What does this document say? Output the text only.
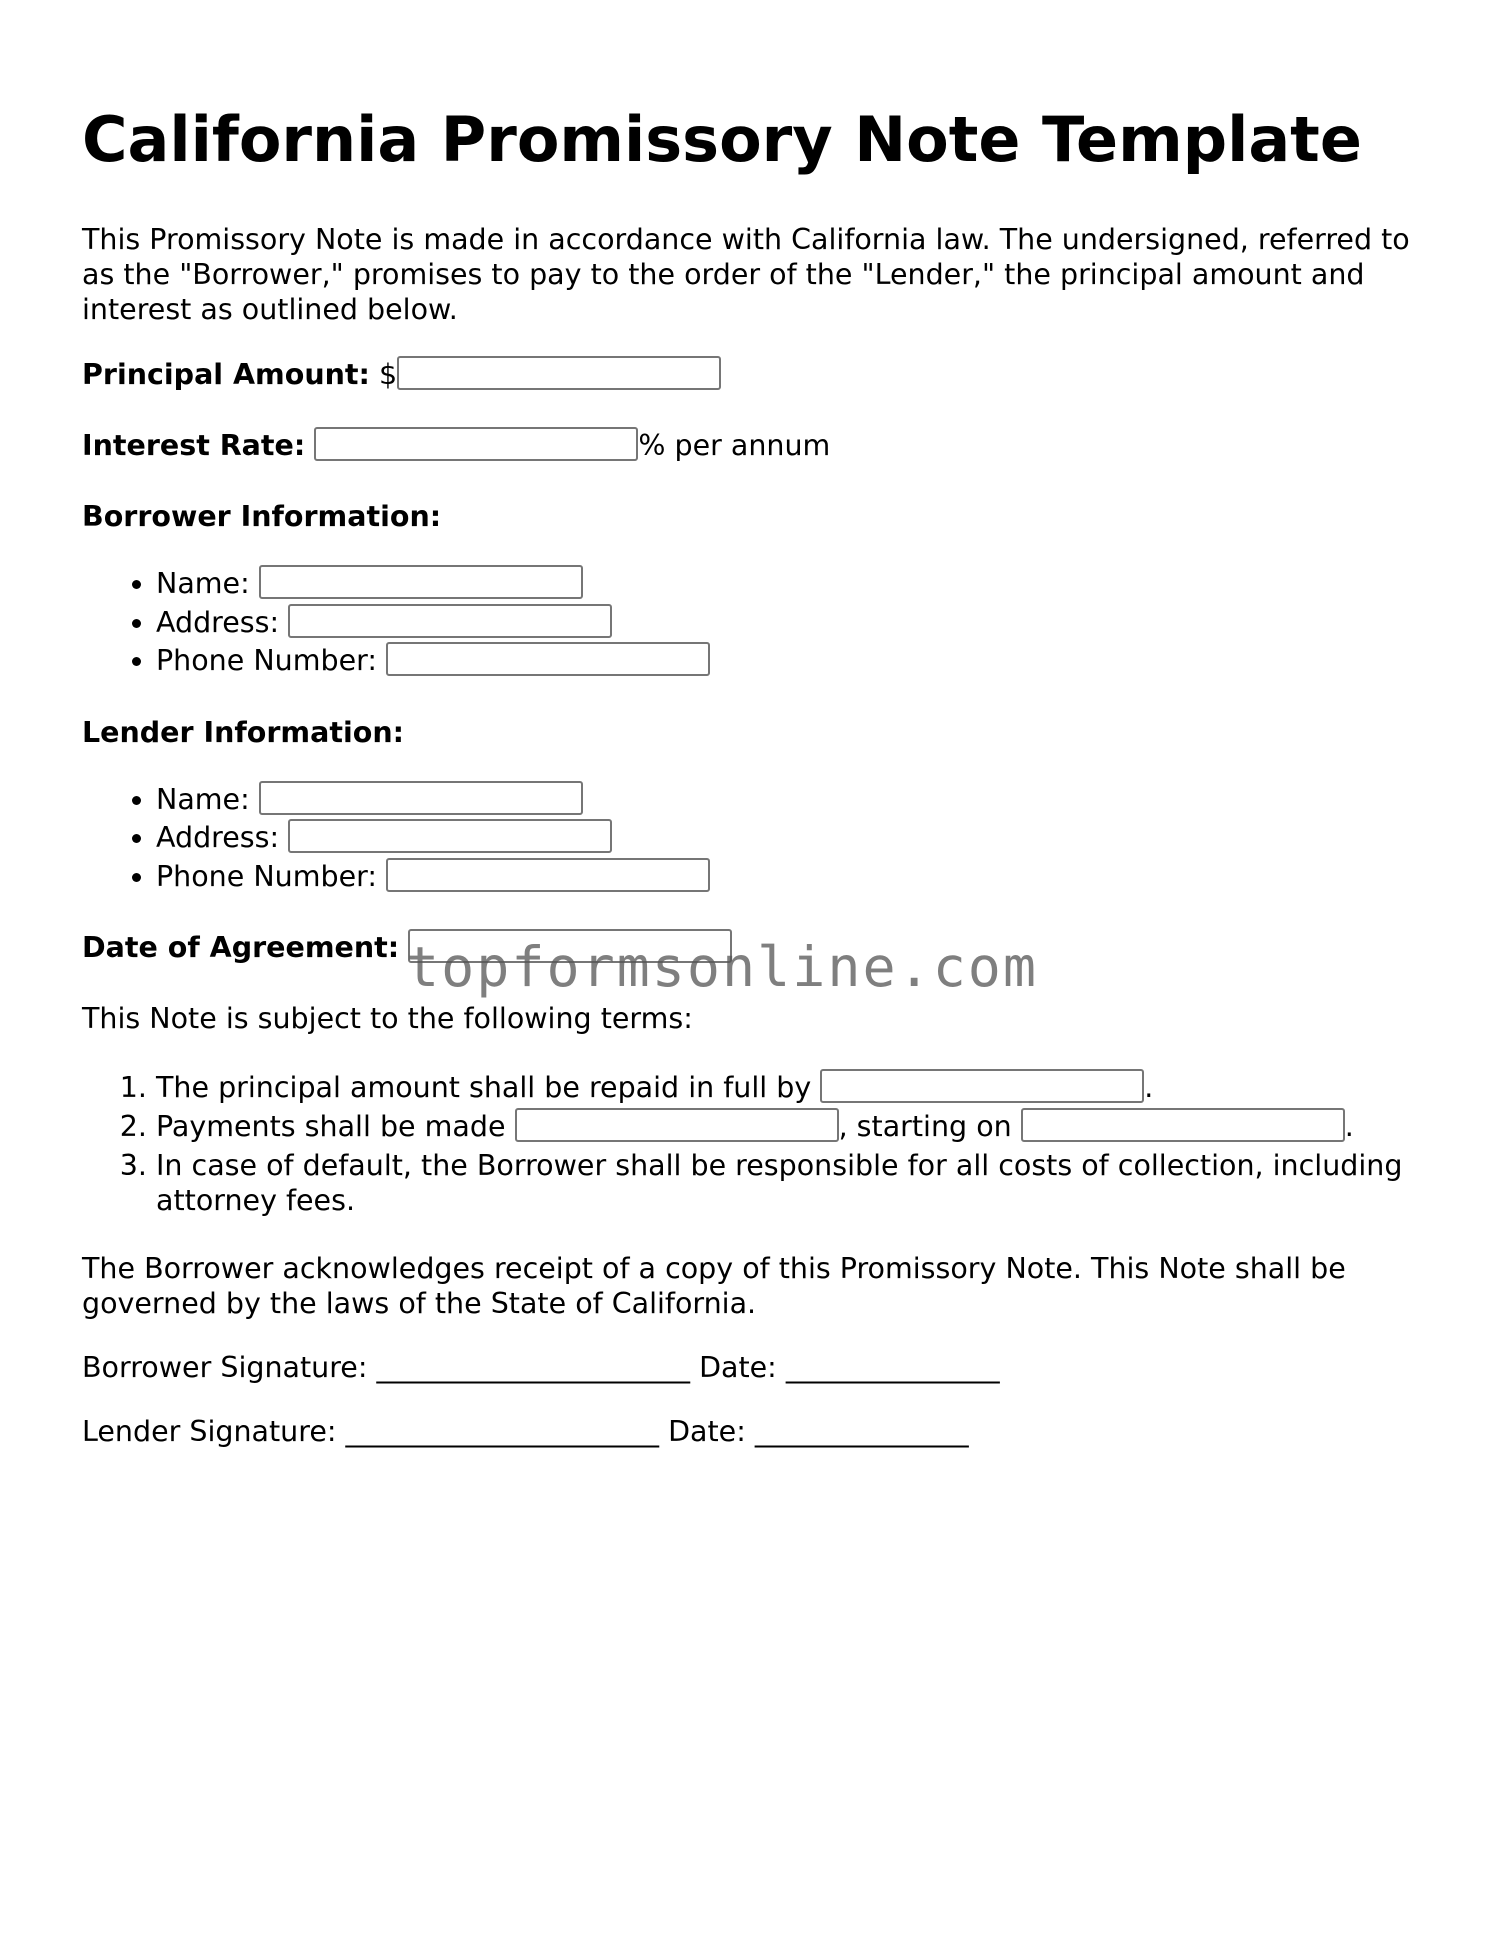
California Promissory Note Template

This Promissory Note is made in accordance with California law. The undersigned, referred to as the "Borrower," promises to pay to the order of the "Lender," the principal amount and interest as outlined below.

Principal Amount: $
Interest Rate:	% per annum
Borrower Information:
• Name:
• Address:
• Phone Number:
Lender Information:
• Name:
• Address:
• Phone Number:
Date of Agreement:

This Note is subject to the following terms:

1. The principal amount shall be repaid in full by	.
2. Payments shall be made	, starting on	.
3. In case of default, the Borrower shall be responsible for all costs of collection, including attorney fees.

The Borrower acknowledges receipt of a copy of this Promissory Note. This Note shall be governed by the laws of the State of California.

Borrower Signature: ______________________ Date: _______________

Lender Signature: ______________________ Date: _______________

topformsonline.com
